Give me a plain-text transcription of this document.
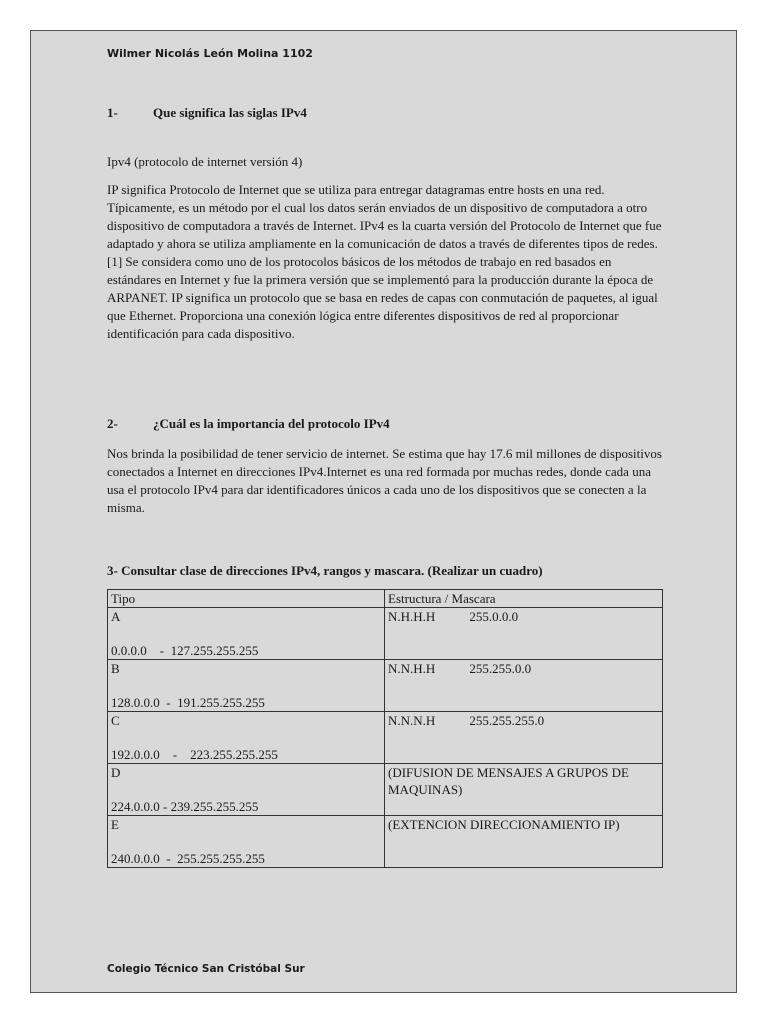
Wilmer Nicolás León Molina 1102
1-	Que significa las siglas IPv4

Ipv4 (protocolo de internet versión 4)

IP significa Protocolo de Internet que se utiliza para entregar datagramas entre hosts en una red. Típicamente, es un método por el cual los datos serán enviados de un dispositivo de computadora a otro dispositivo de computadora a través de Internet. IPv4 es la cuarta versión del Protocolo de Internet que fue adaptado y ahora se utiliza ampliamente en la comunicación de datos a través de diferentes tipos de redes.[1] Se considera como uno de los protocolos básicos de los métodos de trabajo en red basados en estándares en Internet y fue la primera versión que se implementó para la producción durante la época de ARPANET. IP significa un protocolo que se basa en redes de capas con conmutación de paquetes, al igual que Ethernet. Proporciona una conexión lógica entre diferentes dispositivos de red al proporcionar identificación para cada dispositivo.

2-	¿Cuál es la importancia del protocolo IPv4

Nos brinda la posibilidad de tener servicio de internet. Se estima que hay 17.6 mil millones de dispositivos conectados a Internet en direcciones IPv4.Internet es una red formada por muchas redes, donde cada una usa el protocolo IPv4 para dar identificadores únicos a cada uno de los dispositivos que se conecten a la misma.

3- Consultar clase de direcciones IPv4, rangos y mascara. (Realizar un cuadro)
Tipo	Estructura / Mascara
A
0.0.0.0    -  127.255.255.255	N.H.H.H 255.0.0.0
B
128.0.0.0  -  191.255.255.255	N.N.H.H 255.255.0.0
C
192.0.0.0    -    223.255.255.255	N.N.N.H 255.255.255.0
D
224.0.0.0 - 239.255.255.255	(DIFUSION DE MENSAJES A GRUPOS DE MAQUINAS)
E
240.0.0.0  -  255.255.255.255	(EXTENCION DIRECCIONAMIENTO IP)
Colegio Técnico San Cristóbal Sur
